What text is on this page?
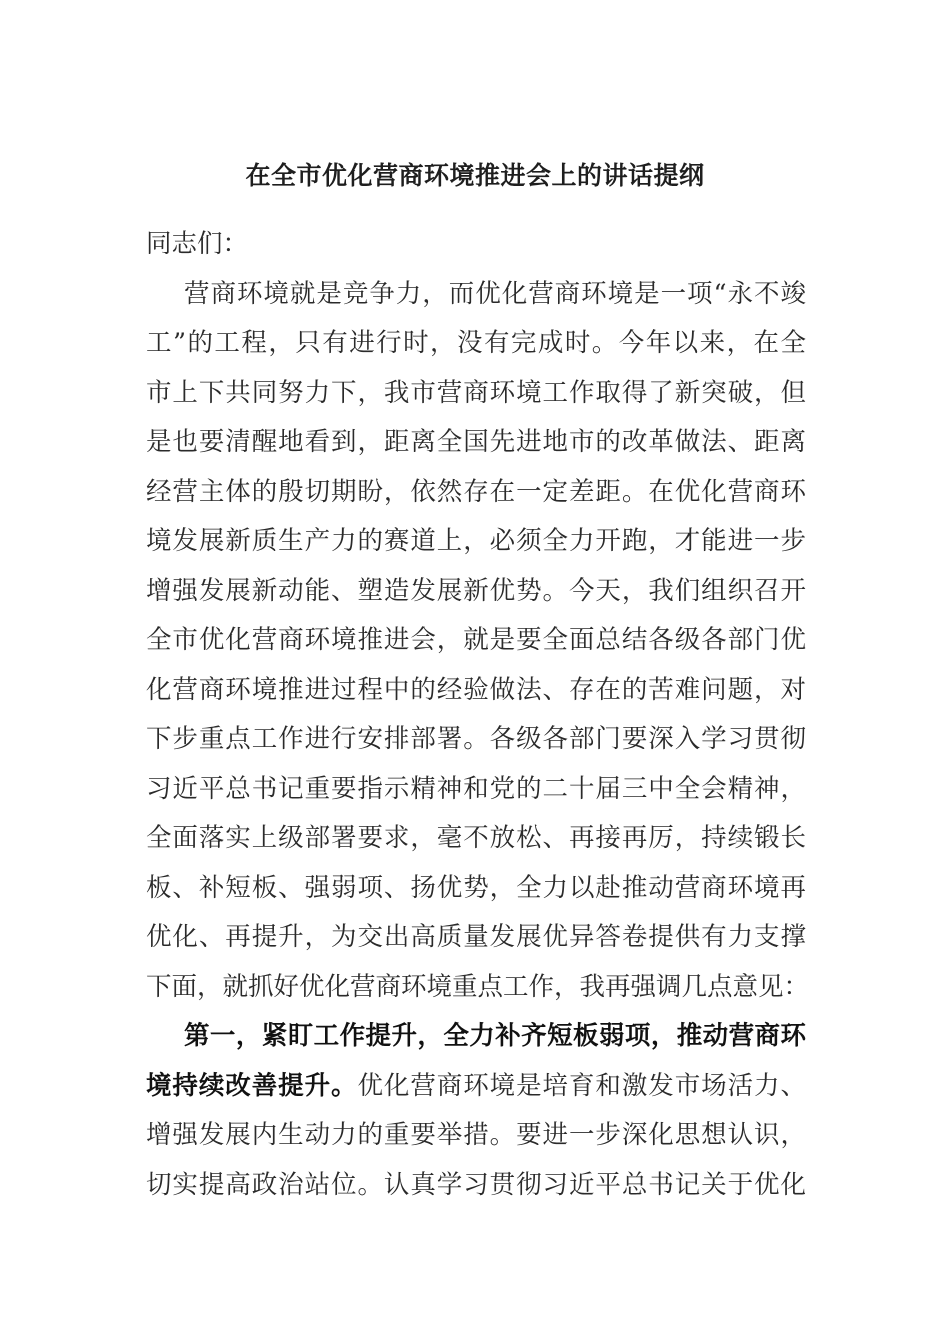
在全市优化营商环境推进会上的讲话提纲

同志们：

营商环境就是竞争力，而优化营商环境是一项“永不竣

工”的工程，只有进行时，没有完成时。今年以来，在全

市上下共同努力下，我市营商环境工作取得了新突破，但

是也要清醒地看到，距离全国先进地市的改革做法、距离

经营主体的殷切期盼，依然存在一定差距。在优化营商环

境发展新质生产力的赛道上，必须全力开跑，才能进一步

增强发展新动能、塑造发展新优势。今天，我们组织召开

全市优化营商环境推进会，就是要全面总结各级各部门优

化营商环境推进过程中的经验做法、存在的苦难问题，对

下步重点工作进行安排部署。各级各部门要深入学习贯彻

习近平总书记重要指示精神和党的二十届三中全会精神，

全面落实上级部署要求，毫不放松、再接再厉，持续锻长

板、补短板、强弱项、扬优势，全力以赴推动营商环境再

优化、再提升，为交出高质量发展优异答卷提供有力支撑

下面，就抓好优化营商环境重点工作，我再强调几点意见：

第一，紧盯工作提升，全力补齐短板弱项，推动营商环

境持续改善提升。优化营商环境是培育和激发市场活力、

增强发展内生动力的重要举措。要进一步深化思想认识，

切实提高政治站位。认真学习贯彻习近平总书记关于优化
